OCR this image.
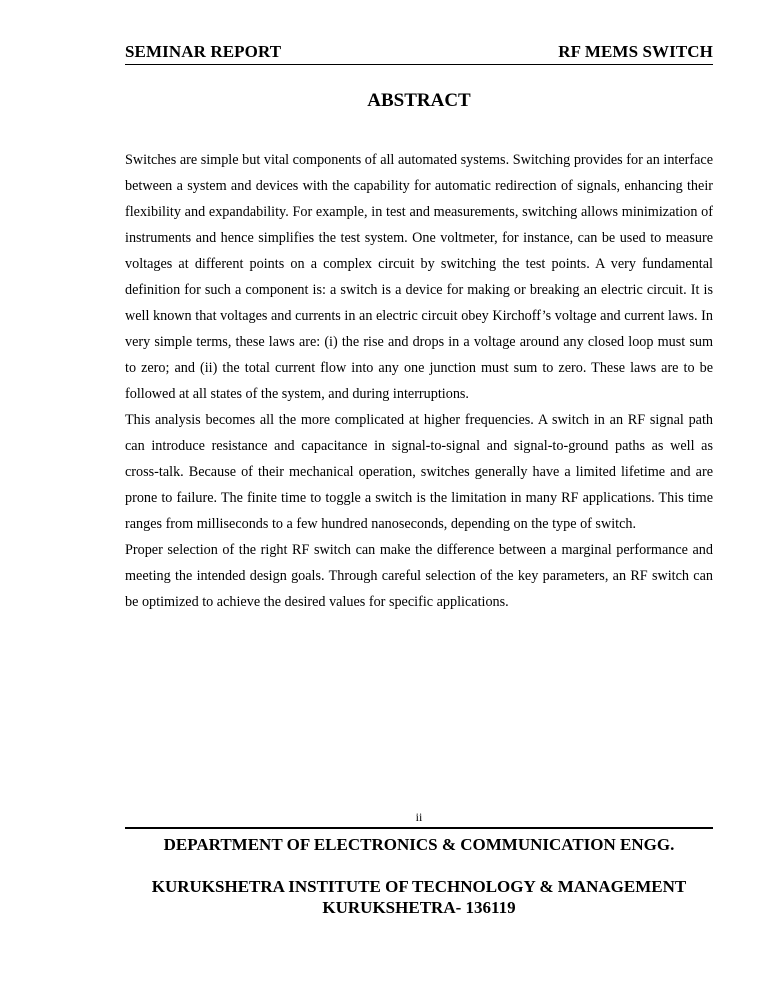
SEMINAR REPORT	RF MEMS SWITCH
ABSTRACT

Switches are simple but vital components of all automated systems. Switching provides for an interface between a system and devices with the capability for automatic redirection of signals, enhancing their flexibility and expandability. For example, in test and measurements, switching allows minimization of instruments and hence simplifies the test system. One voltmeter, for instance, can be used to measure voltages at different points on a complex circuit by switching the test points. A very fundamental definition for such a component is: a switch is a device for making or breaking an electric circuit. It is well known that voltages and currents in an electric circuit obey Kirchoff’s voltage and current laws. In very simple terms, these laws are: (i) the rise and drops in a voltage around any closed loop must sum to zero; and (ii) the total current flow into any one junction must sum to zero. These laws are to be followed at all states of the system, and during interruptions.

This analysis becomes all the more complicated at higher frequencies. A switch in an RF signal path can introduce resistance and capacitance in signal-to-signal and signal-to-ground paths as well as cross-talk. Because of their mechanical operation, switches generally have a limited lifetime and are prone to failure. The finite time to toggle a switch is the limitation in many RF applications. This time ranges from milliseconds to a few hundred nanoseconds, depending on the type of switch.

Proper selection of the right RF switch can make the difference between a marginal performance and meeting the intended design goals. Through careful selection of the key parameters, an RF switch can be optimized to achieve the desired values for specific applications.

ii
DEPARTMENT OF ELECTRONICS & COMMUNICATION ENGG.
KURUKSHETRA INSTITUTE OF TECHNOLOGY & MANAGEMENT
KURUKSHETRA- 136119
